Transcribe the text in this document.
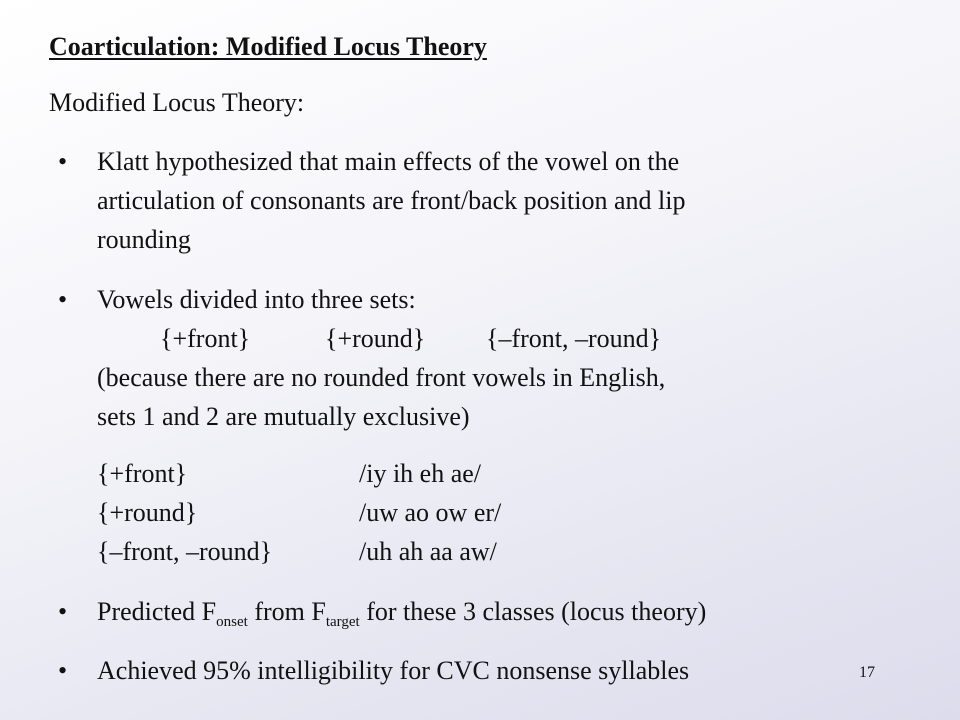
Coarticulation: Modified Locus Theory
Modified Locus Theory:
• Klatt hypothesized that main effects of the vowel on the
articulation of consonants are front/back position and lip
rounding
• Vowels divided into three sets:
{+front}	{+round} {–front, –round}
(because there are no rounded front vowels in English,
sets 1 and 2 are mutually exclusive)
{+front}	/iy ih eh ae/
{+round}	/uw ao ow er/
{–front, –round}	/uh ah aa aw/
• Predicted $F_{onset}$ from $F_{target}$ for these 3 classes (locus theory)
• Achieved 95% intelligibility for CVC nonsense syllables	17
